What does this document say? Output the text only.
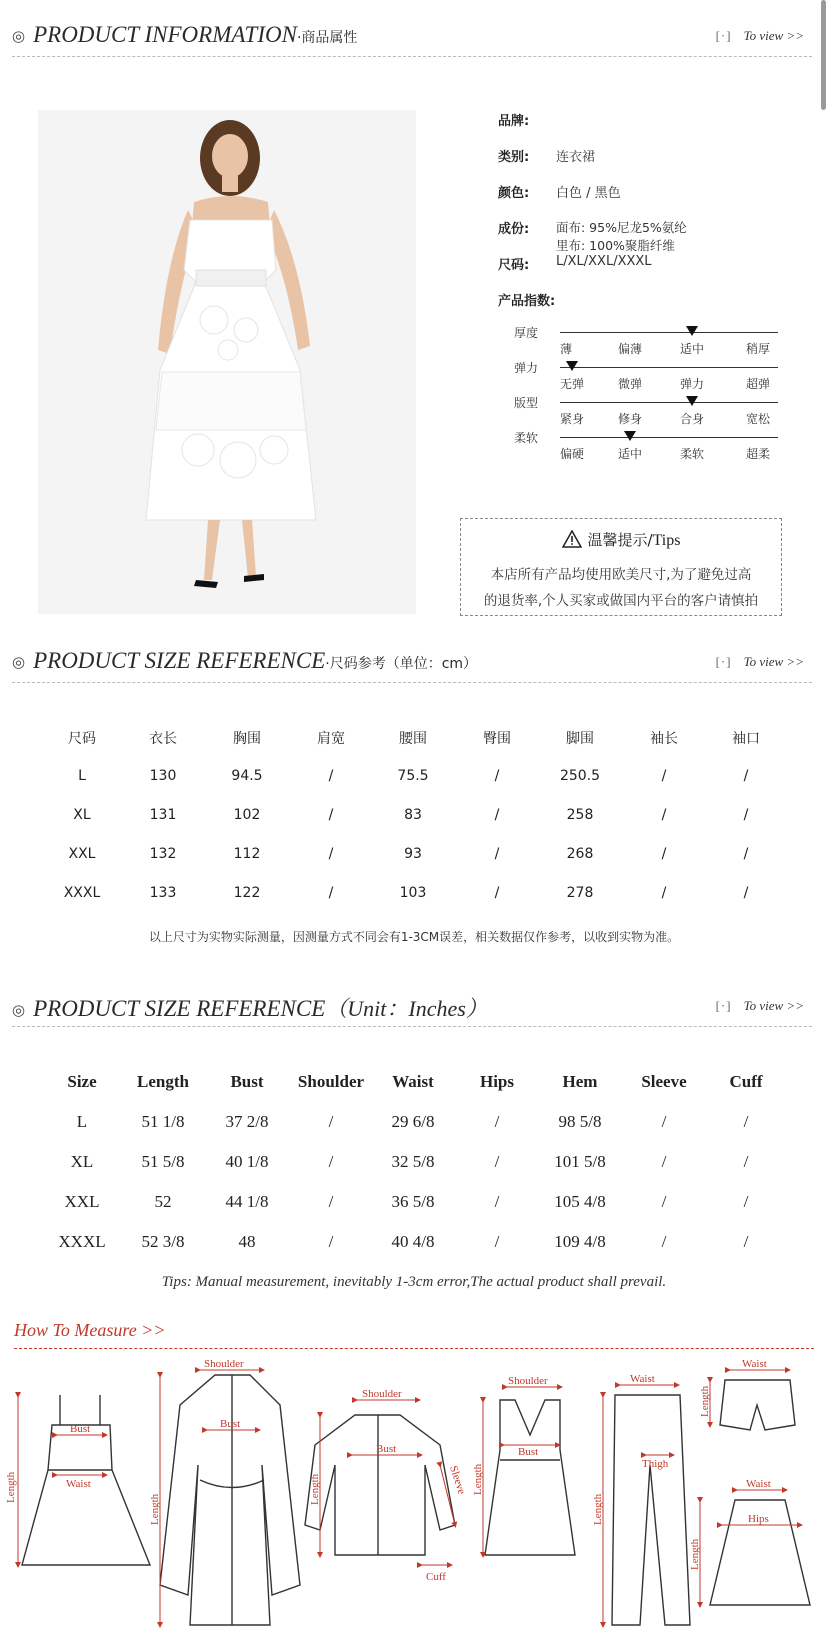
◎ PRODUCT INFORMATION·商品属性	[·] To view >>
品牌:
类别: 连衣裙
颜色: 白色 / 黑色
成份: 面布: 95%尼龙5%氨纶
里布: 100%聚脂纤维
尺码: L/XL/XXL/XXXL
产品指数:
厚度
薄	偏薄	适中	稍厚
弹力
无弹	微弹	弹力	超弹
版型
紧身	修身	合身	宽松
柔软
偏硬	适中	柔软	超柔
温馨提示/Tips
本店所有产品均使用欧美尺寸,为了避免过高
的退货率,个人买家或做国内平台的客户请慎拍
◎ PRODUCT SIZE REFERENCE·尺码参考（单位：cm）	[·] To view >>
尺码	衣长	胸围	肩宽	腰围	臀围	脚围	袖长	袖口
L	130	94.5	/	75.5	/	250.5	/	/
XL	131	102	/	83	/	258	/	/
XXL	132	112	/	93	/	268	/	/
XXXL	133	122	/	103	/	278	/	/
以上尺寸为实物实际测量，因测量方式不同会有1-3CM误差，相关数据仅作参考，以收到实物为准。
◎ PRODUCT SIZE REFERENCE（Unit：Inches）	[·] To view >>
Size	Length	Bust	Shoulder	Waist	Hips	Hem	Sleeve	Cuff
L	51 1/8	37 2/8	/	29 6/8	/	98 5/8	/	/
XL	51 5/8	40 1/8	/	32 5/8	/	101 5/8	/	/
XXL	52	44 1/8	/	36 5/8	/	105 4/8	/	/
XXXL	52 3/8	48	/	40 4/8	/	109 4/8	/	/
Tips: Manual measurement, inevitably 1-3cm error,The actual product shall prevail.
How To Measure >>
Length
Bust
Waist
Length
Shoulder
Bust
Length
Shoulder
Bust
Sleeve
Cuff
Length
Shoulder
Bust
Length
Waist
Thigh
Length
Waist
Waist
Hips
Length
